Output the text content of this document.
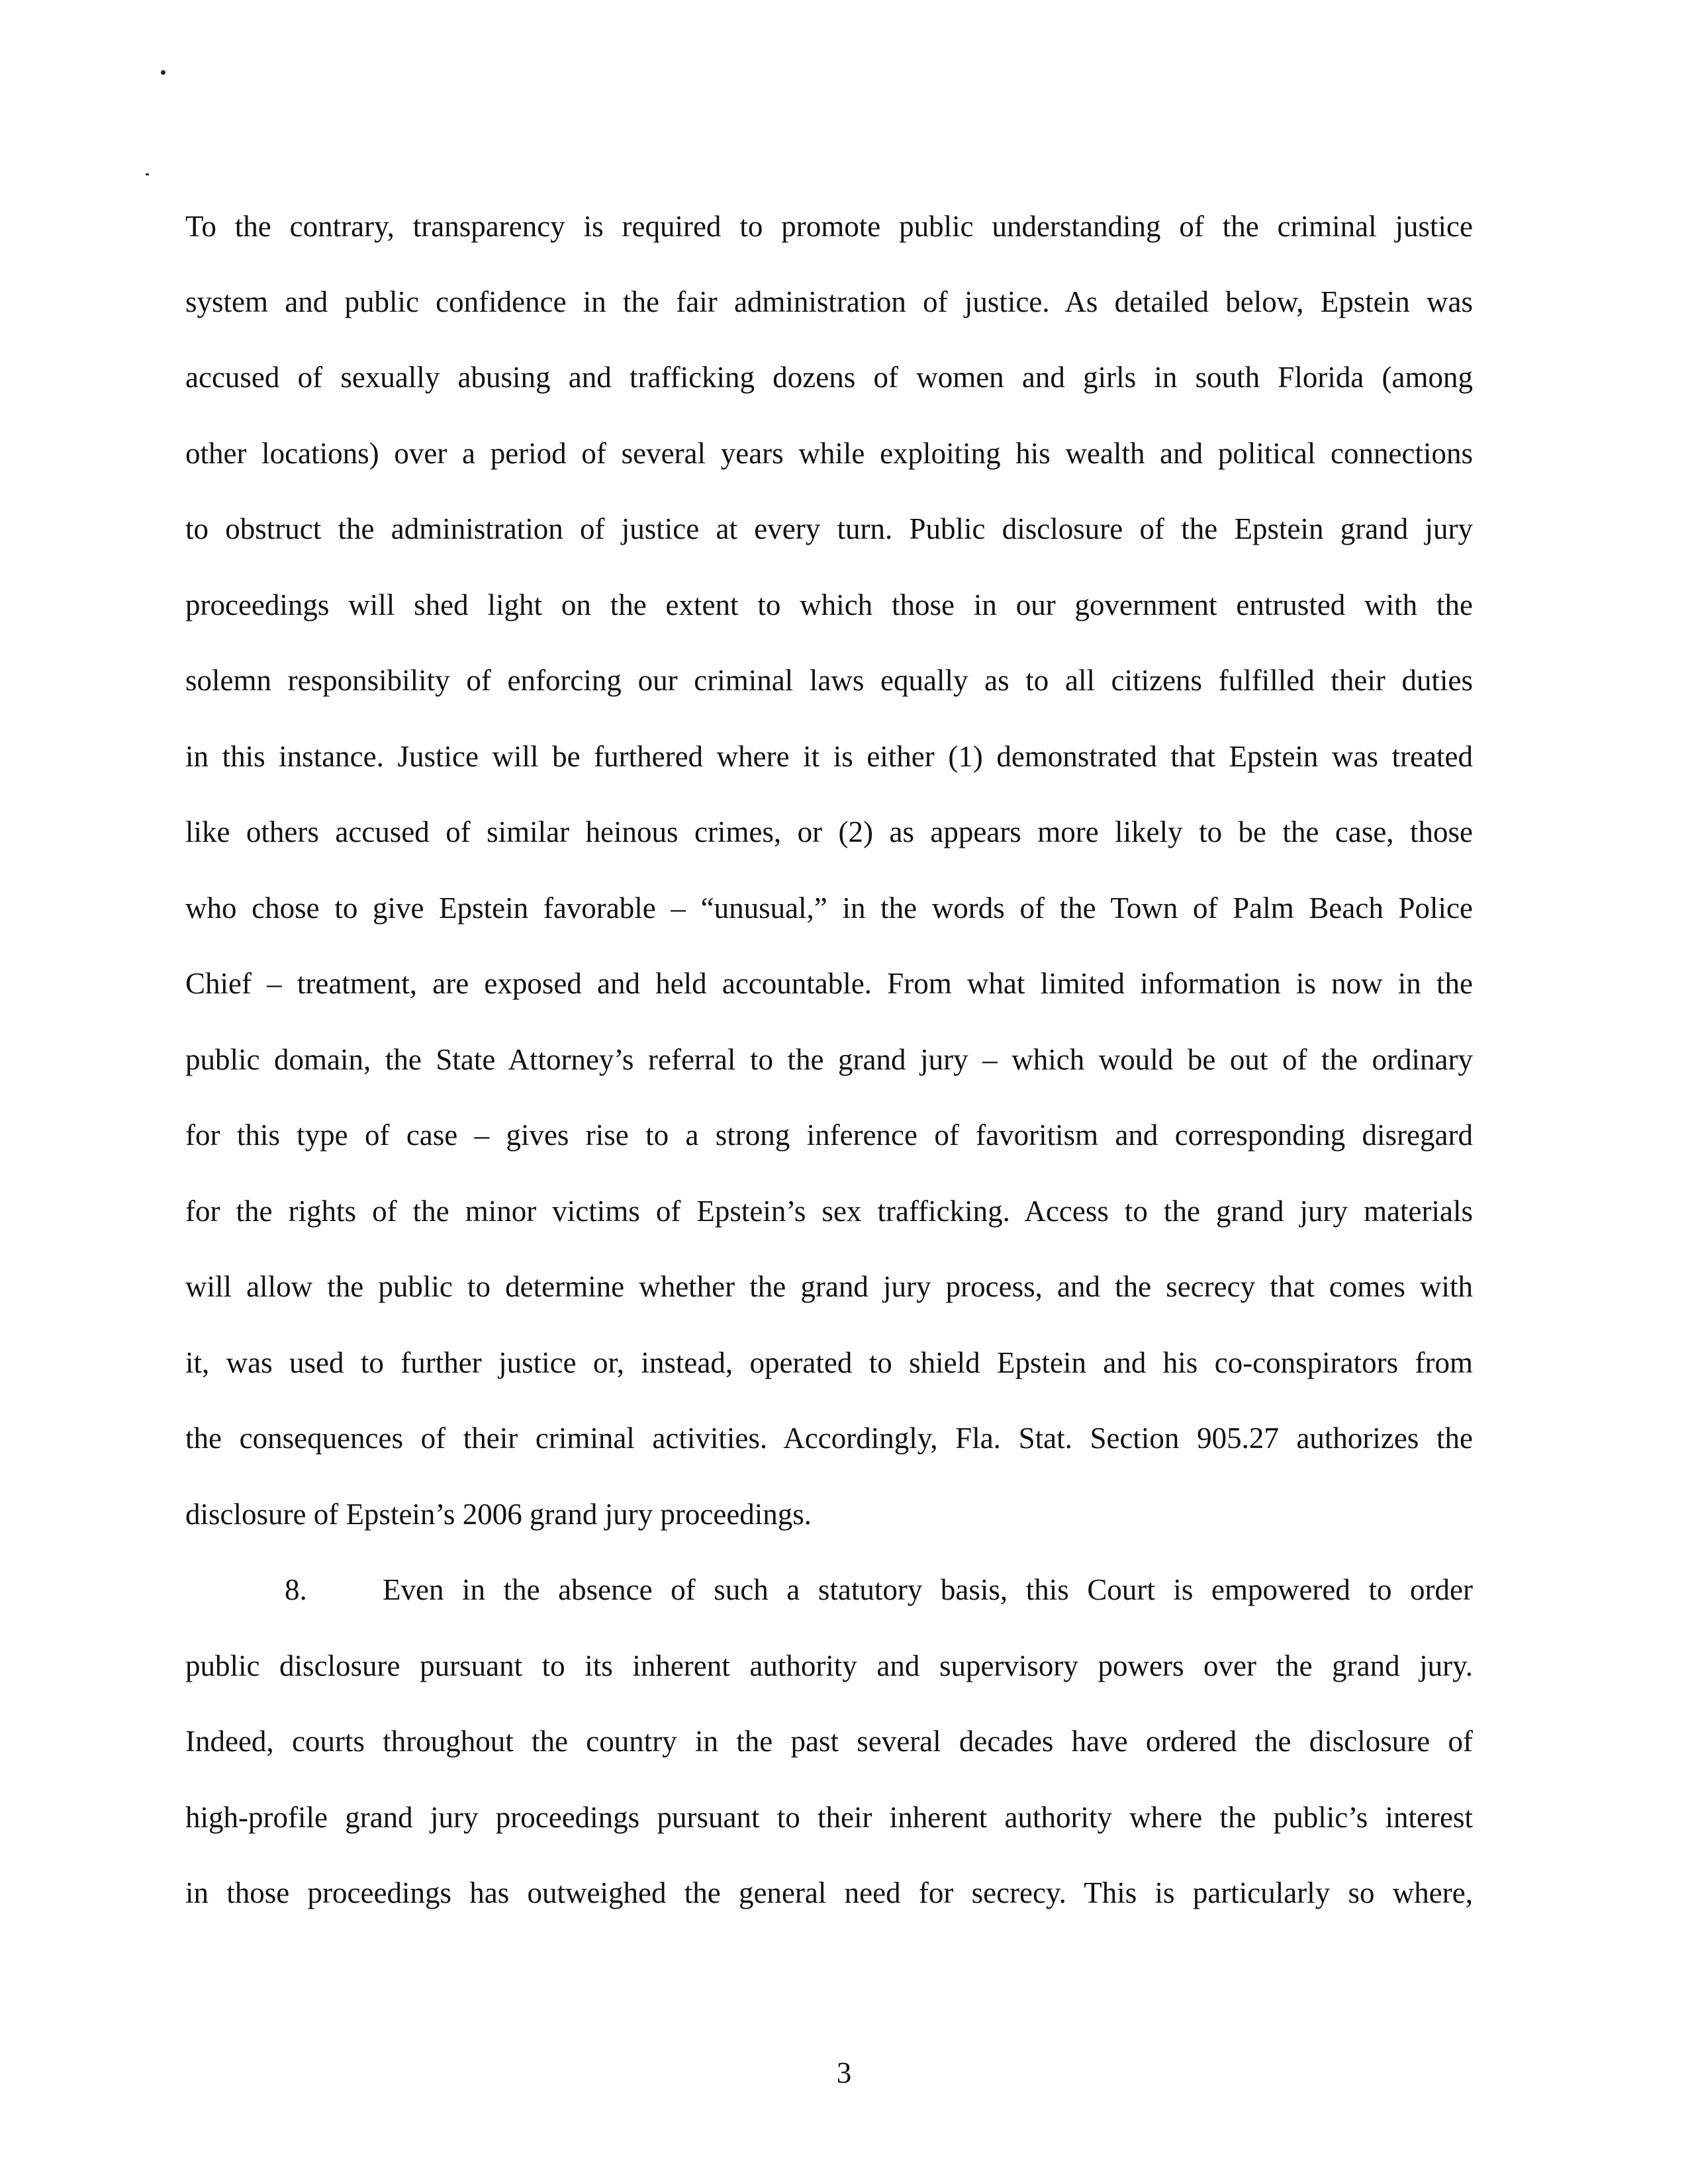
To the contrary, transparency is required to promote public understanding of the criminal justice
system and public confidence in the fair administration of justice. As detailed below, Epstein was
accused of sexually abusing and trafficking dozens of women and girls in south Florida (among
other locations) over a period of several years while exploiting his wealth and political connections
to obstruct the administration of justice at every turn. Public disclosure of the Epstein grand jury
proceedings will shed light on the extent to which those in our government entrusted with the
solemn responsibility of enforcing our criminal laws equally as to all citizens fulfilled their duties
in this instance. Justice will be furthered where it is either (1) demonstrated that Epstein was treated
like others accused of similar heinous crimes, or (2) as appears more likely to be the case, those
who chose to give Epstein favorable – “unusual,” in the words of the Town of Palm Beach Police
Chief – treatment, are exposed and held accountable. From what limited information is now in the
public domain, the State Attorney’s referral to the grand jury – which would be out of the ordinary
for this type of case – gives rise to a strong inference of favoritism and corresponding disregard
for the rights of the minor victims of Epstein’s sex trafficking. Access to the grand jury materials
will allow the public to determine whether the grand jury process, and the secrecy that comes with
it, was used to further justice or, instead, operated to shield Epstein and his co-conspirators from
the consequences of their criminal activities. Accordingly, Fla. Stat. Section 905.27 authorizes the
disclosure of Epstein’s 2006 grand jury proceedings.
8.	Even in the absence of such a statutory basis, this Court is empowered to order
public disclosure pursuant to its inherent authority and supervisory powers over the grand jury.
Indeed, courts throughout the country in the past several decades have ordered the disclosure of
high-profile grand jury proceedings pursuant to their inherent authority where the public’s interest
in those proceedings has outweighed the general need for secrecy. This is particularly so where,
3
